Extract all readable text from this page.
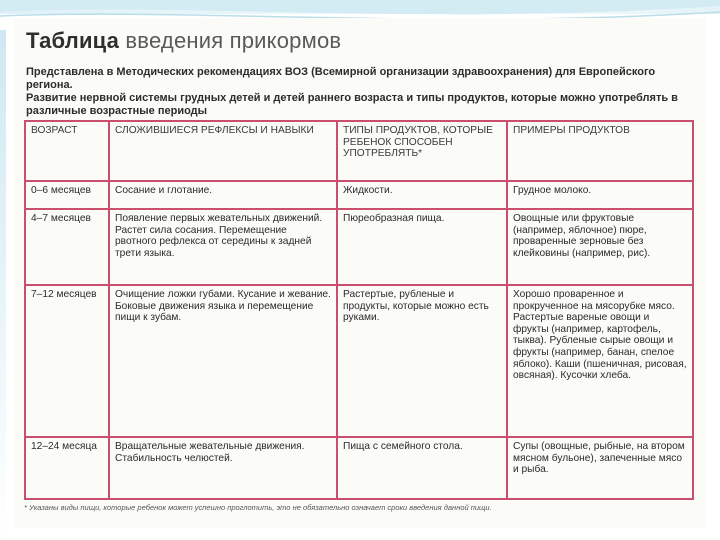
Таблица введения прикормов

Представлена в Методических рекомендациях ВОЗ (Всемирной организации здравоохранения) для Европейского региона.

Развитие нервной системы грудных детей и детей раннего возраста и типы продуктов, которые можно употреблять в различные возрастные периоды

ВОЗРАСТ	СЛОЖИВШИЕСЯ РЕФЛЕКСЫ И НАВЫКИ	ТИПЫ ПРОДУКТОВ, КОТОРЫЕ РЕБЕНОК СПОСОБЕН УПОТРЕБЛЯТЬ*	ПРИМЕРЫ ПРОДУКТОВ
0–6 месяцев	Сосание и глотание.	Жидкости.	Грудное молоко.
4–7 месяцев	Появление первых жевательных движений. Растет сила сосания. Перемещение рвотного рефлекса от середины к задней трети языка.	Пюреобразная пища.	Овощные или фруктовые (например, яблочное) пюре, проваренные зерновые без клейковины (например, рис).
7–12 месяцев	Очищение ложки губами. Кусание и жевание. Боковые движения языка и перемещение пищи к зубам.	Растертые, рубленые и продукты, которые можно есть руками.	Хорошо проваренное и прокрученное на мясорубке мясо. Растертые вареные овощи и фрукты (например, картофель, тыква). Рубленые сырые овощи и фрукты (например, банан, спелое яблоко). Каши (пшеничная, рисовая, овсяная). Кусочки хлеба.
12–24 месяца	Вращательные жевательные движения. Стабильность челюстей.	Пища с семейного стола.	Супы (овощные, рыбные, на втором мясном бульоне), запеченные мясо и рыба.

* Указаны виды пищи, которые ребенок может успешно проглотить, это не обязательно означает сроки введения данной пищи.
